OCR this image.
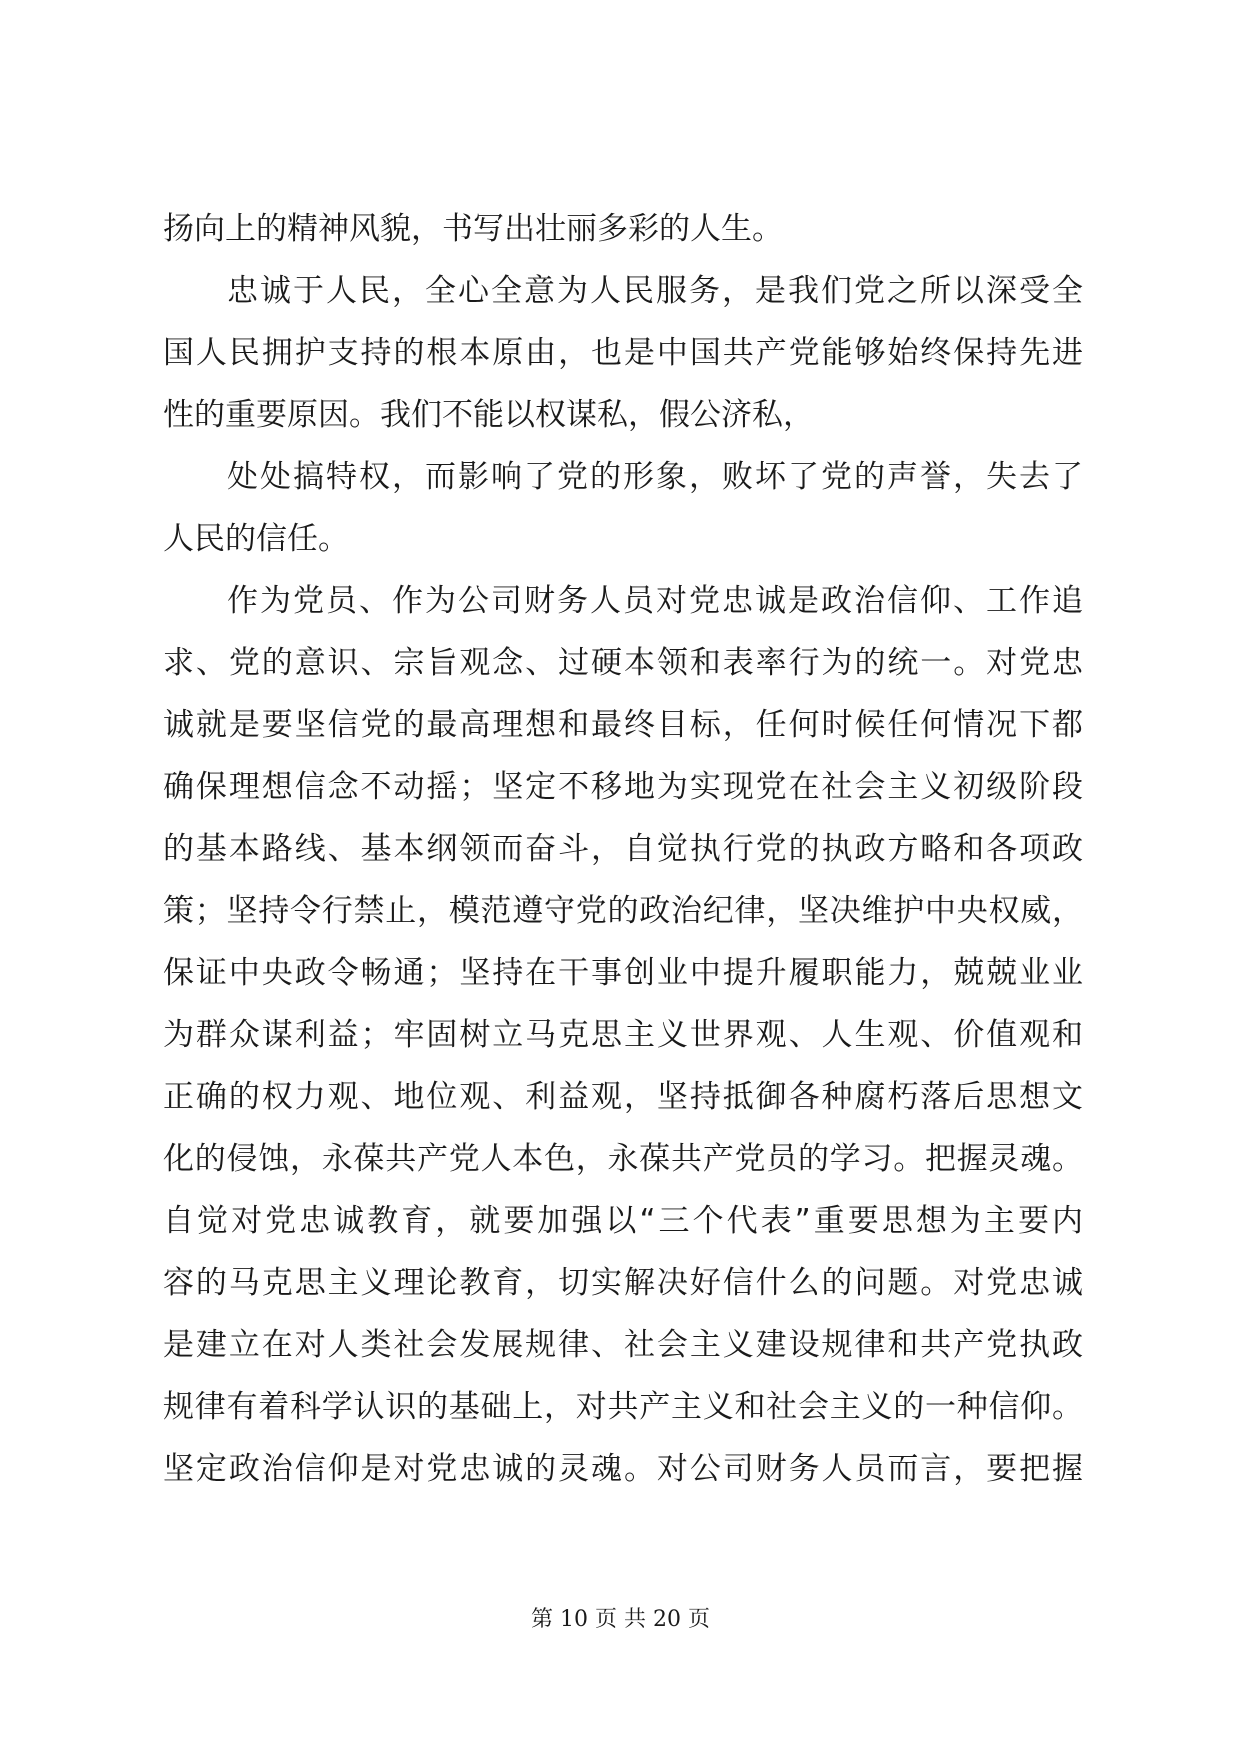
扬向上的精神风貌，书写出壮丽多彩的人生。
忠诚于人民，全心全意为人民服务，是我们党之所以深受全
国人民拥护支持的根本原由，也是中国共产党能够始终保持先进
性的重要原因。我们不能以权谋私，假公济私，
处处搞特权，而影响了党的形象，败坏了党的声誉，失去了
人民的信任。
作为党员、作为公司财务人员对党忠诚是政治信仰、工作追
求、党的意识、宗旨观念、过硬本领和表率行为的统一。对党忠
诚就是要坚信党的最高理想和最终目标，任何时候任何情况下都
确保理想信念不动摇；坚定不移地为实现党在社会主义初级阶段
的基本路线、基本纲领而奋斗，自觉执行党的执政方略和各项政
策；坚持令行禁止，模范遵守党的政治纪律，坚决维护中央权威，
保证中央政令畅通；坚持在干事创业中提升履职能力，兢兢业业
为群众谋利益；牢固树立马克思主义世界观、人生观、价值观和
正确的权力观、地位观、利益观，坚持抵御各种腐朽落后思想文
化的侵蚀，永葆共产党人本色，永葆共产党员的学习。把握灵魂。
自觉对党忠诚教育，就要加强以“三个代表”重要思想为主要内
容的马克思主义理论教育，切实解决好信什么的问题。对党忠诚
是建立在对人类社会发展规律、社会主义建设规律和共产党执政
规律有着科学认识的基础上，对共产主义和社会主义的一种信仰。
坚定政治信仰是对党忠诚的灵魂。对公司财务人员而言，要把握
第 10 页 共 20 页
